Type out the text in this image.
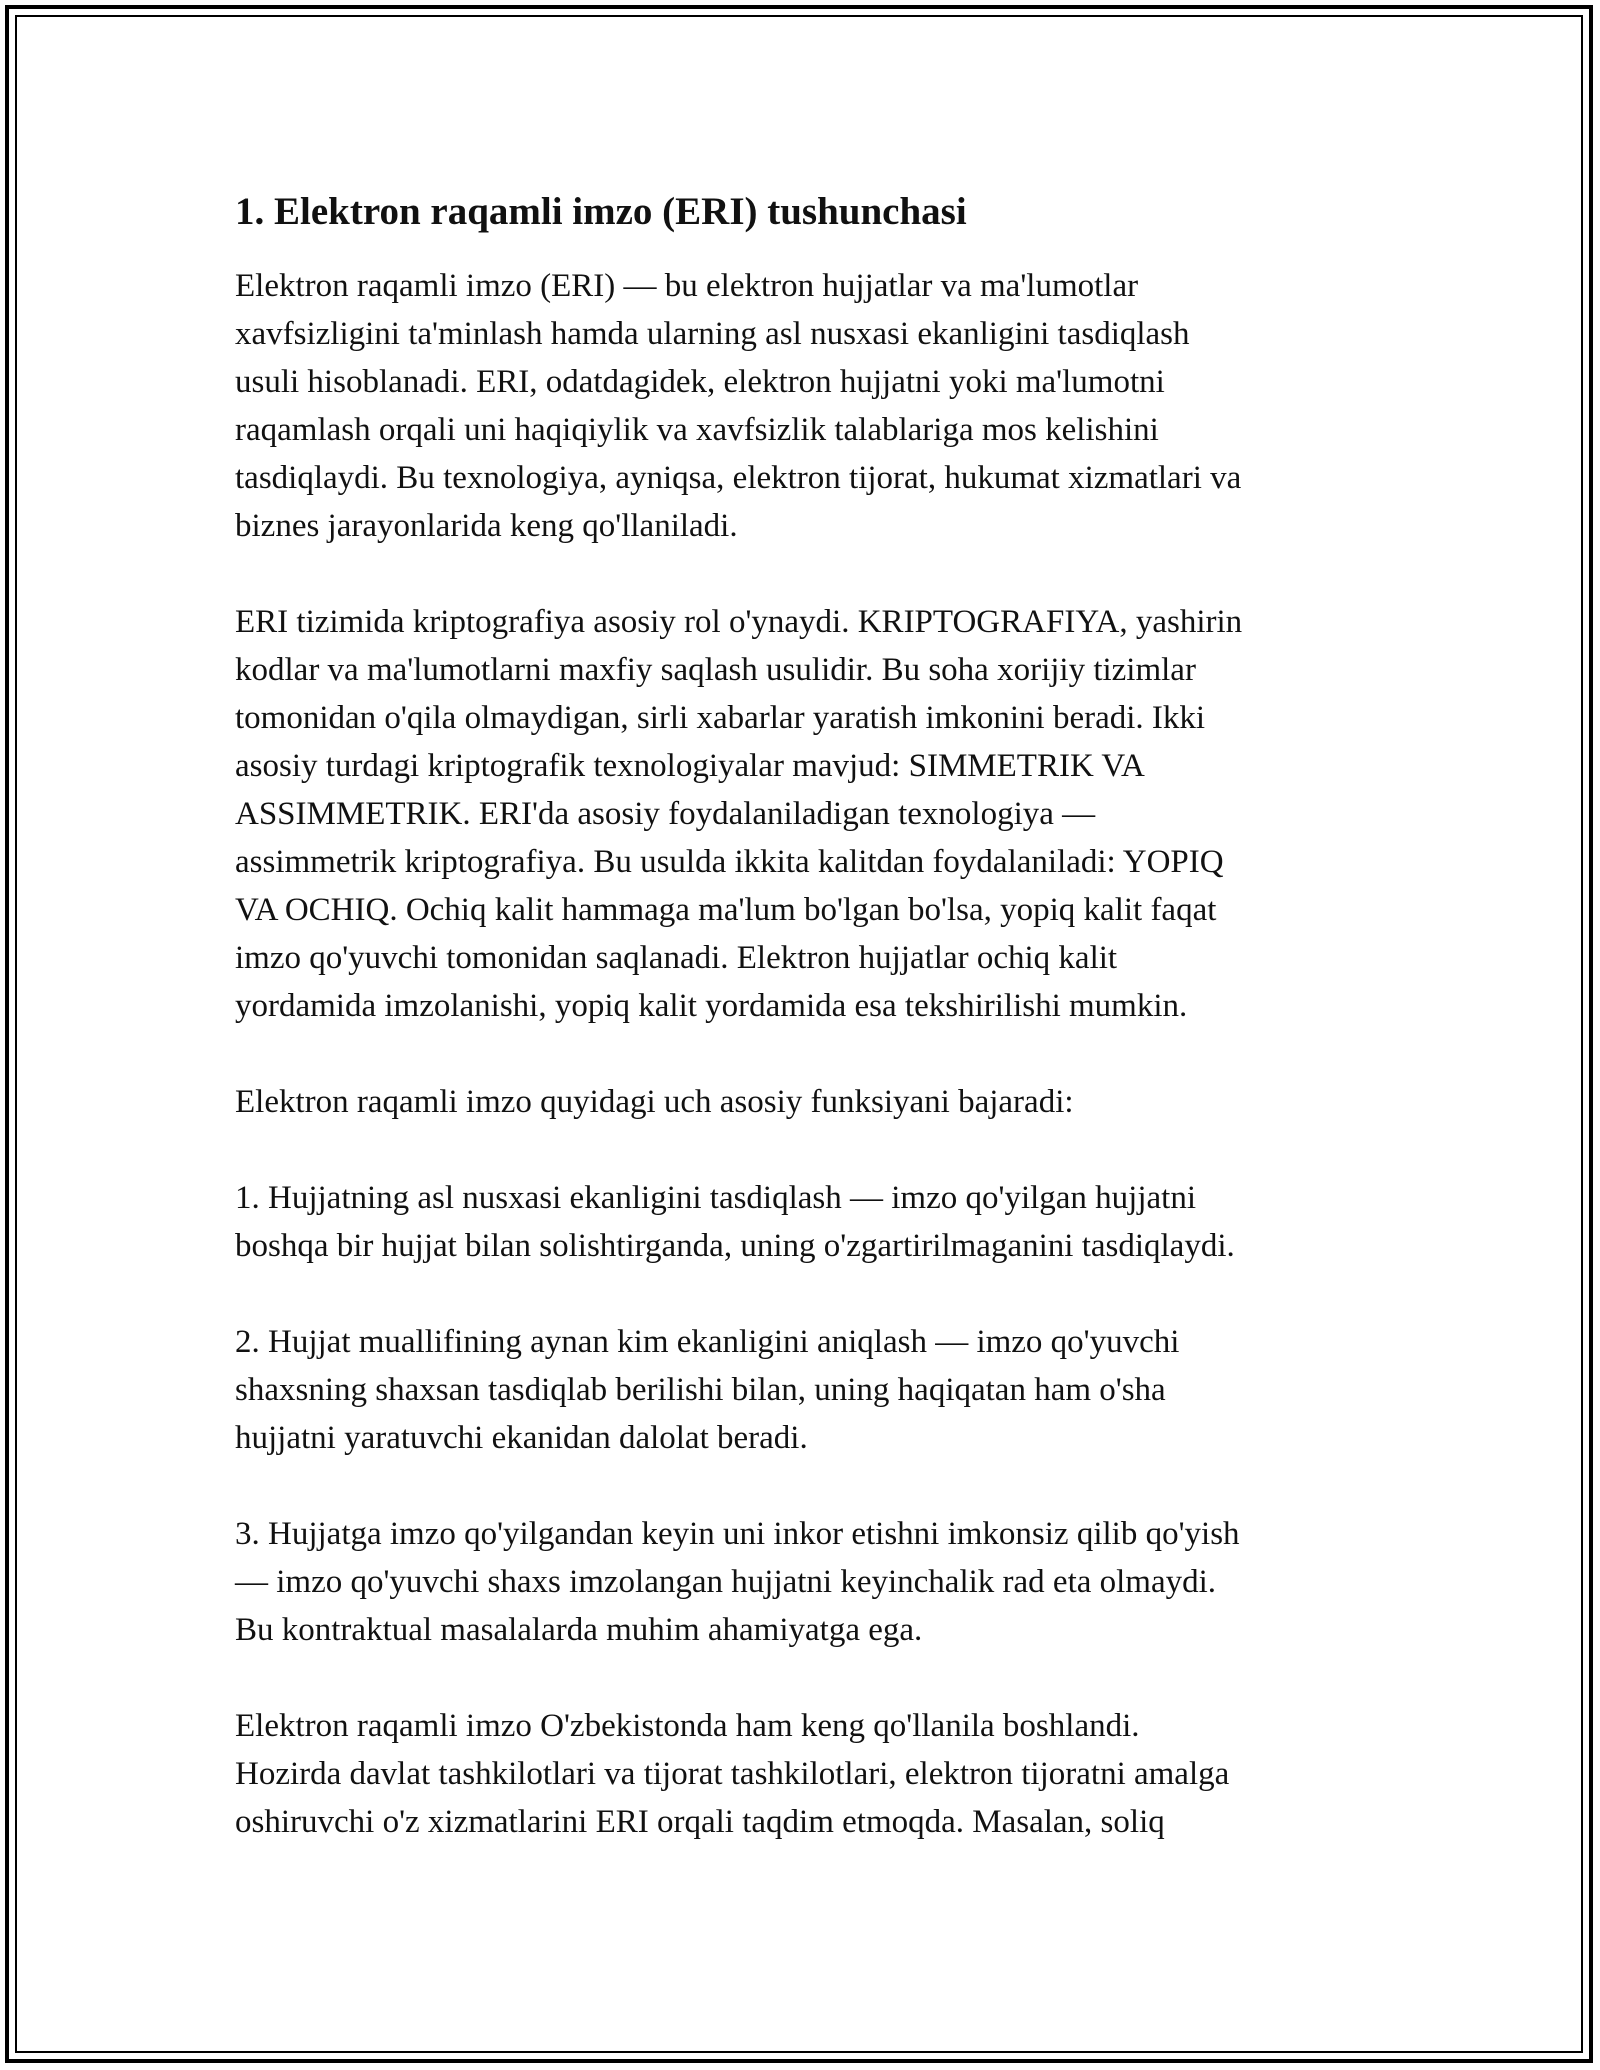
1. Elektron raqamli imzo (ERI) tushunchasi
Elektron raqamli imzo (ERI) — bu elektron hujjatlar va ma'lumotlar
xavfsizligini ta'minlash hamda ularning asl nusxasi ekanligini tasdiqlash
usuli hisoblanadi. ERI, odatdagidek, elektron hujjatni yoki ma'lumotni
raqamlash orqali uni haqiqiylik va xavfsizlik talablariga mos kelishini
tasdiqlaydi. Bu texnologiya, ayniqsa, elektron tijorat, hukumat xizmatlari va
biznes jarayonlarida keng qo'llaniladi.
ERI tizimida kriptografiya asosiy rol o'ynaydi. KRIPTOGRAFIYA, yashirin
kodlar va ma'lumotlarni maxfiy saqlash usulidir. Bu soha xorijiy tizimlar
tomonidan o'qila olmaydigan, sirli xabarlar yaratish imkonini beradi. Ikki
asosiy turdagi kriptografik texnologiyalar mavjud: SIMMETRIK VA
ASSIMMETRIK. ERI'da asosiy foydalaniladigan texnologiya —
assimmetrik kriptografiya. Bu usulda ikkita kalitdan foydalaniladi: YOPIQ
VA OCHIQ. Ochiq kalit hammaga ma'lum bo'lgan bo'lsa, yopiq kalit faqat
imzo qo'yuvchi tomonidan saqlanadi. Elektron hujjatlar ochiq kalit
yordamida imzolanishi, yopiq kalit yordamida esa tekshirilishi mumkin.
Elektron raqamli imzo quyidagi uch asosiy funksiyani bajaradi:
1. Hujjatning asl nusxasi ekanligini tasdiqlash — imzo qo'yilgan hujjatni
boshqa bir hujjat bilan solishtirganda, uning o'zgartirilmaganini tasdiqlaydi.
2. Hujjat muallifining aynan kim ekanligini aniqlash — imzo qo'yuvchi
shaxsning shaxsan tasdiqlab berilishi bilan, uning haqiqatan ham o'sha
hujjatni yaratuvchi ekanidan dalolat beradi.
3. Hujjatga imzo qo'yilgandan keyin uni inkor etishni imkonsiz qilib qo'yish
— imzo qo'yuvchi shaxs imzolangan hujjatni keyinchalik rad eta olmaydi.
Bu kontraktual masalalarda muhim ahamiyatga ega.
Elektron raqamli imzo O'zbekistonda ham keng qo'llanila boshlandi.
Hozirda davlat tashkilotlari va tijorat tashkilotlari, elektron tijoratni amalga
oshiruvchi o'z xizmatlarini ERI orqali taqdim etmoqda. Masalan, soliq
